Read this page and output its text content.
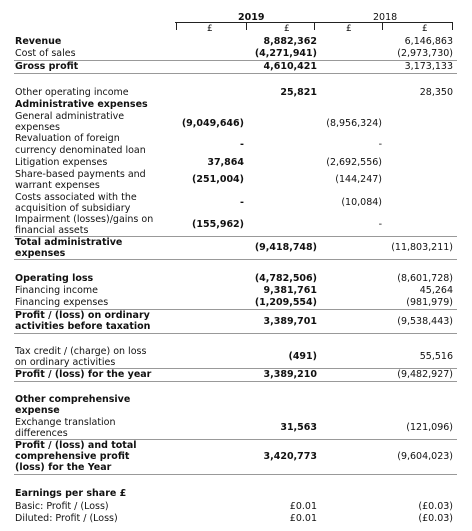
2019	2018
£	£	£	£
Revenue	8,882,362	6,146,863
Cost of sales	(4,271,941)	(2,973,730)
Gross profit	4,610,421	3,173,133
Other operating income	25,821	28,350
Administrative expenses
General administrative
expenses	(9,049,646)	(8,956,324)
Revaluation of foreign
currency denominated loan
-	-
Litigation expenses	37,864	(2,692,556)
Share-based payments and
warrant expenses
(251,004)	(144,247)
Costs associated with the
acquisition of subsidiary
-	(10,084)
Impairment (losses)/gains on
financial assets
(155,962)	-
Total administrative
expenses
(9,418,748)	(11,803,211)
Operating loss	(4,782,506)	(8,601,728)
Financing income	9,381,761	45,264
Financing expenses	(1,209,554)	(981,979)
Profit / (loss) on ordinary
activities before taxation	3,389,701	(9,538,443)
Tax credit / (charge) on loss
on ordinary activities
(491)	55,516
Profit / (loss) for the year	3,389,210	(9,482,927)
Other comprehensive
expense
Exchange translation
differences
31,563	(121,096)
Profit / (loss) and total
comprehensive profit
(loss) for the Year
3,420,773	(9,604,023)
Earnings per share £
Basic: Profit / (Loss)	£0.01	(£0.03)
Diluted: Profit / (Loss)	£0.01	(£0.03)
